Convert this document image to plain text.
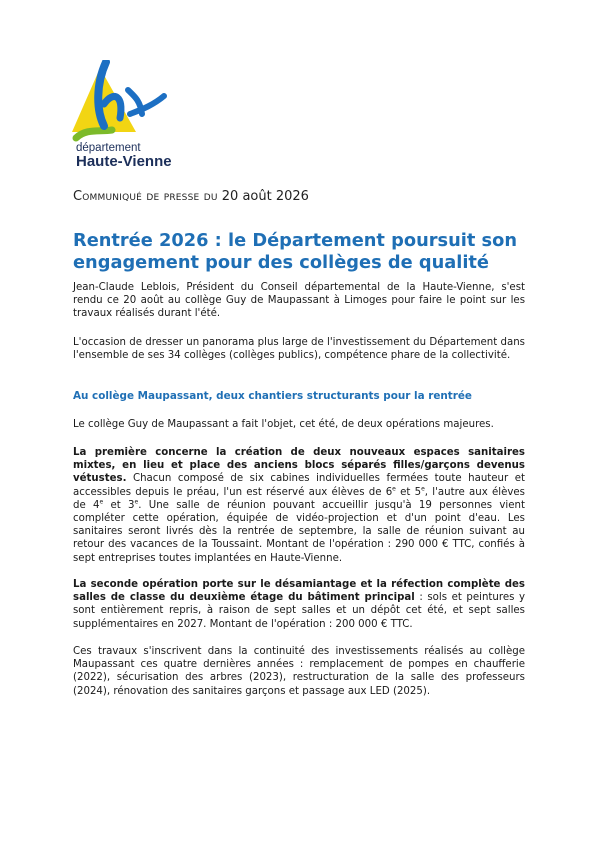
département
Haute-Vienne
Communiqué de presse du 20 août 2026
Rentrée 2026 : le Département poursuit son engagement pour des collèges de qualité
Jean-Claude Leblois, Président du Conseil départemental de la Haute-Vienne, s'est rendu ce 20 août au collège Guy de Maupassant à Limoges pour faire le point sur les travaux réalisés durant l'été.
L'occasion de dresser un panorama plus large de l'investissement du Département dans l'ensemble de ses 34 collèges (collèges publics), compétence phare de la collectivité.
Au collège Maupassant, deux chantiers structurants pour la rentrée
Le collège Guy de Maupassant a fait l'objet, cet été, de deux opérations majeures.
La première concerne la création de deux nouveaux espaces sanitaires mixtes, en lieu et place des anciens blocs séparés filles/garçons devenus vétustes. Chacun composé de six cabines individuelles fermées toute hauteur et accessibles depuis le préau, l'un est réservé aux élèves de 6e et 5e, l'autre aux élèves de 4e et 3e. Une salle de réunion pouvant accueillir jusqu'à 19 personnes vient compléter cette opération, équipée de vidéo-projection et d'un point d'eau. Les sanitaires seront livrés dès la rentrée de septembre, la salle de réunion suivant au retour des vacances de la Toussaint. Montant de l'opération : 290 000 € TTC, confiés à sept entreprises toutes implantées en Haute-Vienne.
La seconde opération porte sur le désamiantage et la réfection complète des salles de classe du deuxième étage du bâtiment principal : sols et peintures y sont entièrement repris, à raison de sept salles et un dépôt cet été, et sept salles supplémentaires en 2027. Montant de l'opération : 200 000 € TTC.
Ces travaux s'inscrivent dans la continuité des investissements réalisés au collège Maupassant ces quatre dernières années : remplacement de pompes en chaufferie (2022), sécurisation des arbres (2023), restructuration de la salle des professeurs (2024), rénovation des sanitaires garçons et passage aux LED (2025).
